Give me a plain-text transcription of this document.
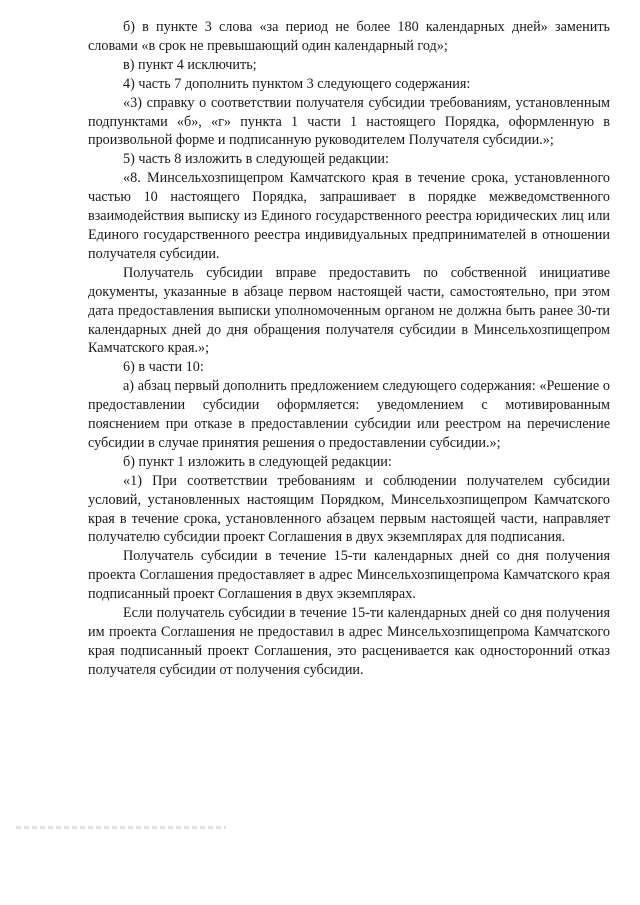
б) в пункте 3 слова «за период не более 180 календарных дней» заменить словами «в срок не превышающий один календарный год»;

в) пункт 4 исключить;

4) часть 7 дополнить пунктом 3 следующего содержания:

«3) справку о соответствии получателя субсидии требованиям, установленным подпунктами «б», «г» пункта 1 части 1 настоящего Порядка, оформленную в произвольной форме и подписанную руководителем Получателя субсидии.»;

5) часть 8 изложить в следующей редакции:

«8. Минсельхозпищепром Камчатского края в течение срока, установленного частью 10 настоящего Порядка, запрашивает в порядке межведомственного взаимодействия выписку из Единого государственного реестра юридических лиц или Единого государственного реестра индивидуальных предпринимателей в отношении получателя субсидии.

Получатель субсидии вправе предоставить по собственной инициативе документы, указанные в абзаце первом настоящей части, самостоятельно, при этом дата предоставления выписки уполномоченным органом не должна быть ранее 30-ти календарных дней до дня обращения получателя субсидии в Минсельхозпищепром Камчатского края.»;

6) в части 10:

а) абзац первый дополнить предложением следующего содержания: «Решение о предоставлении субсидии оформляется: уведомлением с мотивированным пояснением при отказе в предоставлении субсидии или реестром на перечисление субсидии в случае принятия решения о предоставлении субсидии.»;

б) пункт 1 изложить в следующей редакции:

«1) При соответствии требованиям и соблюдении получателем субсидии условий, установленных настоящим Порядком, Минсельхозпищепром Камчатского края в течение срока, установленного абзацем первым настоящей части, направляет получателю субсидии проект Соглашения в двух экземплярах для подписания.

Получатель субсидии в течение 15-ти календарных дней со дня получения проекта Соглашения предоставляет в адрес Минсельхозпищепрома Камчатского края подписанный проект Соглашения в двух экземплярах.

Если получатель субсидии в течение 15-ти календарных дней со дня получения им проекта Соглашения не предоставил в адрес Минсельхозпищепрома Камчатского края подписанный проект Соглашения, это расценивается как односторонний отказ получателя субсидии от получения субсидии.
